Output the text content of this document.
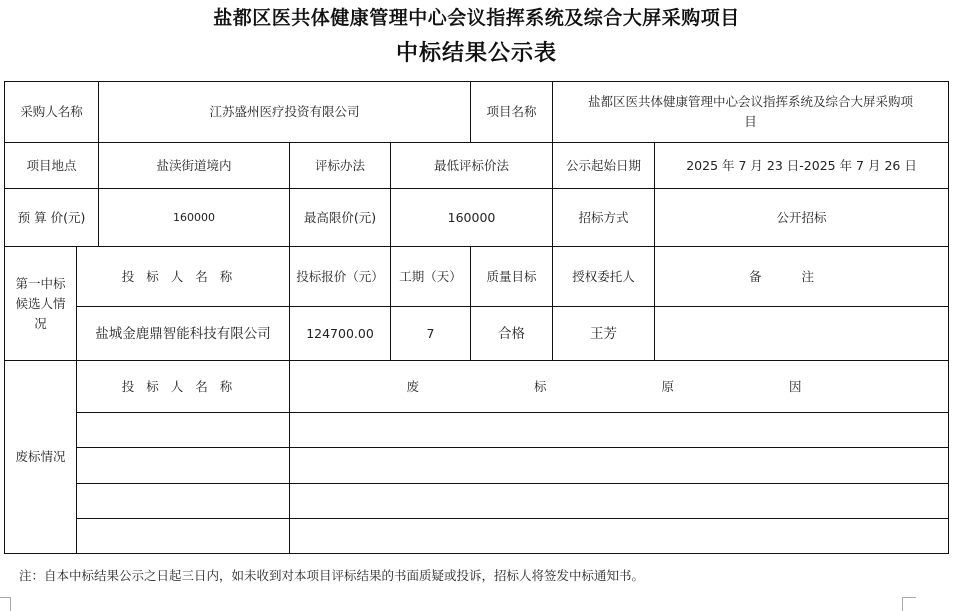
盐都区医共体健康管理中心会议指挥系统及综合大屏采购项目
中标结果公示表
采购人名称		江苏盛州医疗投资有限公司			项目名称	盐都区医共体健康管理中心会议指挥系统及综合大屏采购项目	
项目地点		盐渎街道境内	评标办法	最低评标价法		公示起始日期	2025 年 7 月 23 日-2025 年 7 月 26 日
预 算 价(元)		160000	最高限价(元)	160000		招标方式	公开招标
第一中标候选人情况	投标人名称		投标报价（元）	工期（天）	质量目标	授权委托人	备注
	盐城金鹿鼎智能科技有限公司		124700.00	7	合格	王芳	
废标情况	投标人名称		废　　标　　原　　因				

注：自本中标结果公示之日起三日内，如未收到对本项目评标结果的书面质疑或投诉，招标人将签发中标通知书。
